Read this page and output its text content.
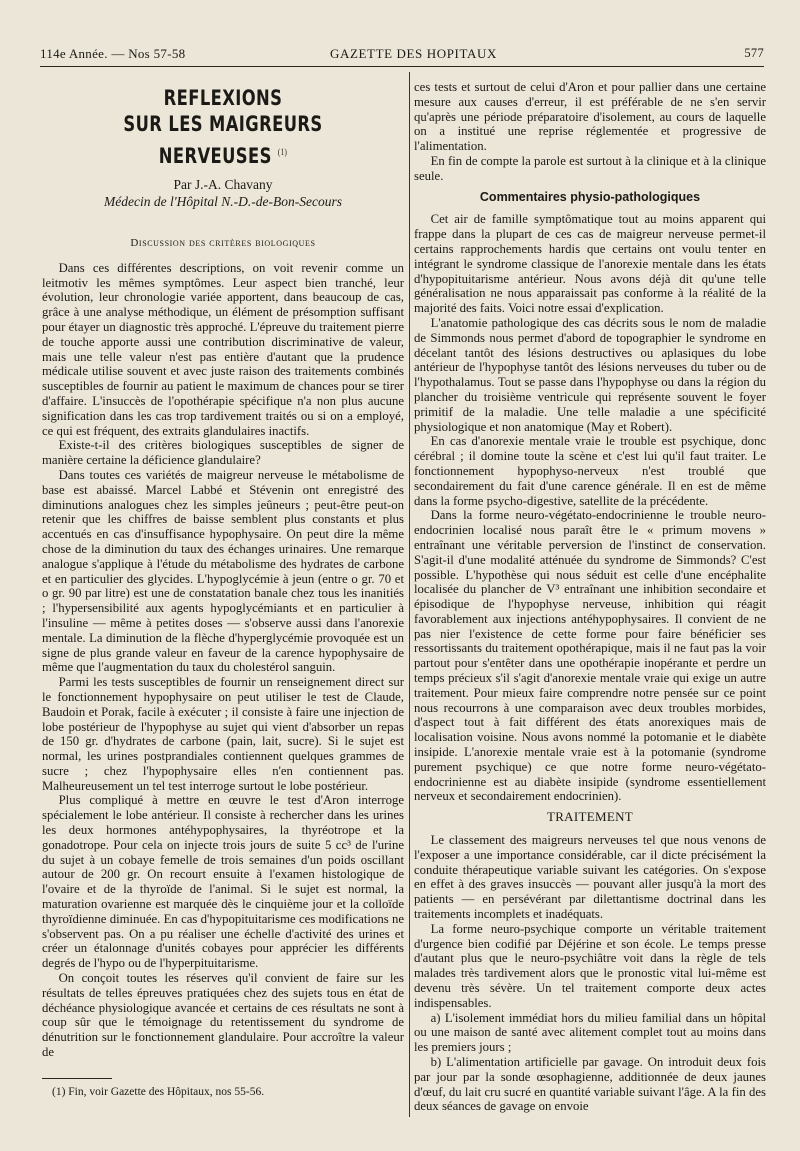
114e Année. — Nos 57-58	GAZETTE DES HOPITAUX	577
REFLEXIONS
SUR LES MAIGREURS NERVEUSES $^{(1)}$
Par J.-A. Chavany
Médecin de l'Hôpital N.-D.-de-Bon-Secours
Discussion des critères biologiques

Dans ces différentes descriptions, on voit revenir comme un leitmotiv les mêmes symptômes. Leur aspect bien tranché, leur évolution, leur chronologie variée apportent, dans beaucoup de cas, grâce à une analyse méthodique, un élément de présomption suffisant pour étayer un diagnostic très approché. L'épreuve du traitement pierre de touche apporte aussi une contribution discriminative de valeur, mais une telle valeur n'est pas entière d'autant que la prudence médicale utilise souvent et avec juste raison des traitements combinés susceptibles de fournir au patient le maximum de chances pour se tirer d'affaire. L'insuccès de l'opothérapie spécifique n'a non plus aucune signification dans les cas trop tardivement traités ou si on a employé, ce qui est fréquent, des extraits glandulaires inactifs.

Existe-t-il des critères biologiques susceptibles de signer de manière certaine la déficience glandulaire?

Dans toutes ces variétés de maigreur nerveuse le métabolisme de base est abaissé. Marcel Labbé et Stévenin ont enregistré des diminutions analogues chez les simples jeûneurs ; peut-être peut-on retenir que les chiffres de baisse semblent plus constants et plus accentués en cas d'insuffisance hypophysaire. On peut dire la même chose de la diminution du taux des échanges urinaires. Une remarque analogue s'applique à l'étude du métabolisme des hydrates de carbone et en particulier des glycides. L'hypoglycémie à jeun (entre o gr. 70 et o gr. 90 par litre) est une de constatation banale chez tous les inanitiés ; l'hypersensibilité aux agents hypoglycémiants et en particulier à l'insuline — même à petites doses — s'observe aussi dans l'anorexie mentale. La diminution de la flèche d'hyperglycémie provoquée est un signe de plus grande valeur en faveur de la carence hypophysaire de même que l'augmentation du taux du cholestérol sanguin.

Parmi les tests susceptibles de fournir un renseignement direct sur le fonctionnement hypophysaire on peut utiliser le test de Claude, Baudoin et Porak, facile à exécuter ; il consiste à faire une injection de lobe postérieur de l'hypophyse au sujet qui vient d'absorber un repas de 150 gr. d'hydrates de carbone (pain, lait, sucre). Si le sujet est normal, les urines postprandiales contiennent quelques grammes de sucre ; chez l'hypophysaire elles n'en contiennent pas. Malheureusement un tel test interroge surtout le lobe postérieur.

Plus compliqué à mettre en œuvre le test d'Aron interroge spécialement le lobe antérieur. Il consiste à rechercher dans les urines les deux hormones antéhypophysaires, la thyréotrope et la gonadotrope. Pour cela on injecte trois jours de suite 5 cc³ de l'urine du sujet à un cobaye femelle de trois semaines d'un poids oscillant autour de 200 gr. On recourt ensuite à l'examen histologique de l'ovaire et de la thyroïde de l'animal. Si le sujet est normal, la maturation ovarienne est marquée dès le cinquième jour et la colloïde thyroïdienne diminuée. En cas d'hypopituitarisme ces modifications ne s'observent pas. On a pu réaliser une échelle d'activité des urines et créer un étalonnage d'unités cobayes pour apprécier les différents degrés de l'hypo ou de l'hyperpituitarisme.

On conçoit toutes les réserves qu'il convient de faire sur les résultats de telles épreuves pratiquées chez des sujets tous en état de déchéance physiologique avancée et certains de ces résultats ne sont à coup sûr que le témoignage du retentissement du syndrome de dénutrition sur le fonctionnement glandulaire. Pour accroître la valeur de

(1) Fin, voir Gazette des Hôpitaux, nos 55-56.

ces tests et surtout de celui d'Aron et pour pallier dans une certaine mesure aux causes d'erreur, il est préférable de ne s'en servir qu'après une période préparatoire d'isolement, au cours de laquelle on a institué une reprise réglementée et progressive de l'alimentation.

En fin de compte la parole est surtout à la clinique et à la clinique seule.

Commentaires physio-pathologiques

Cet air de famille symptômatique tout au moins apparent qui frappe dans la plupart de ces cas de maigreur nerveuse permet-il certains rapprochements hardis que certains ont voulu tenter en intégrant le syndrome classique de l'anorexie mentale dans les états d'hypopituitarisme antérieur. Nous avons déjà dit qu'une telle généralisation ne nous apparaissait pas conforme à la réalité de la majorité des faits. Voici notre essai d'explication.

L'anatomie pathologique des cas décrits sous le nom de maladie de Simmonds nous permet d'abord de topographier le syndrome en décelant tantôt des lésions destructives ou aplasiques du lobe antérieur de l'hypophyse tantôt des lésions nerveuses du tuber ou de l'hypothalamus. Tout se passe dans l'hypophyse ou dans la région du plancher du troisième ventricule qui représente souvent le foyer primitif de la maladie. Une telle maladie a une spécificité physiologique et non anatomique (May et Robert).

En cas d'anorexie mentale vraie le trouble est psychique, donc cérébral ; il domine toute la scène et c'est lui qu'il faut traiter. Le fonctionnement hypophyso-nerveux n'est troublé que secondairement du fait d'une carence générale. Il en est de même dans la forme psycho-digestive, satellite de la précédente.

Dans la forme neuro-végétato-endocrinienne le trouble neuro-endocrinien localisé nous paraît être le « primum movens » entraînant une véritable perversion de l'instinct de conservation. S'agit-il d'une modalité atténuée du syndrome de Simmonds? C'est possible. L'hypothèse qui nous séduit est celle d'une encéphalite localisée du plancher de V³ entraînant une inhibition secondaire et épisodique de l'hypophyse nerveuse, inhibition qui réagit favorablement aux injections antéhypophysaires. Il convient de ne pas nier l'existence de cette forme pour faire bénéficier ses ressortissants du traitement opothérapique, mais il ne faut pas la voir partout pour s'entêter dans une opothérapie inopérante et perdre un temps précieux s'il s'agit d'anorexie mentale vraie qui exige un autre traitement. Pour mieux faire comprendre notre pensée sur ce point nous recourrons à une comparaison avec deux troubles morbides, d'aspect tout à fait différent des états anorexiques mais de localisation voisine. Nous avons nommé la potomanie et le diabète insipide. L'anorexie mentale vraie est à la potomanie (syndrome purement psychique) ce que notre forme neuro-végétato-endocrinienne est au diabète insipide (syndrome essentiellement nerveux et secondairement endocrinien).

TRAITEMENT

Le classement des maigreurs nerveuses tel que nous venons de l'exposer a une importance considérable, car il dicte précisément la conduite thérapeutique variable suivant les catégories. On s'expose en effet à des graves insuccès — pouvant aller jusqu'à la mort des patients — en persévérant par dilettantisme doctrinal dans les traitements incomplets et inadéquats.

La forme neuro-psychique comporte un véritable traitement d'urgence bien codifié par Déjérine et son école. Le temps presse d'autant plus que le neuro-psychiâtre voit dans la règle de tels malades très tardivement alors que le pronostic vital lui-même est devenu très sévère. Un tel traitement comporte deux actes indispensables.

a) L'isolement immédiat hors du milieu familial dans un hôpital ou une maison de santé avec alitement complet tout au moins dans les premiers jours ;

b) L'alimentation artificielle par gavage. On introduit deux fois par jour par la sonde œsophagienne, additionnée de deux jaunes d'œuf, du lait cru sucré en quantité variable suivant l'âge. A la fin des deux séances de gavage on envoie
